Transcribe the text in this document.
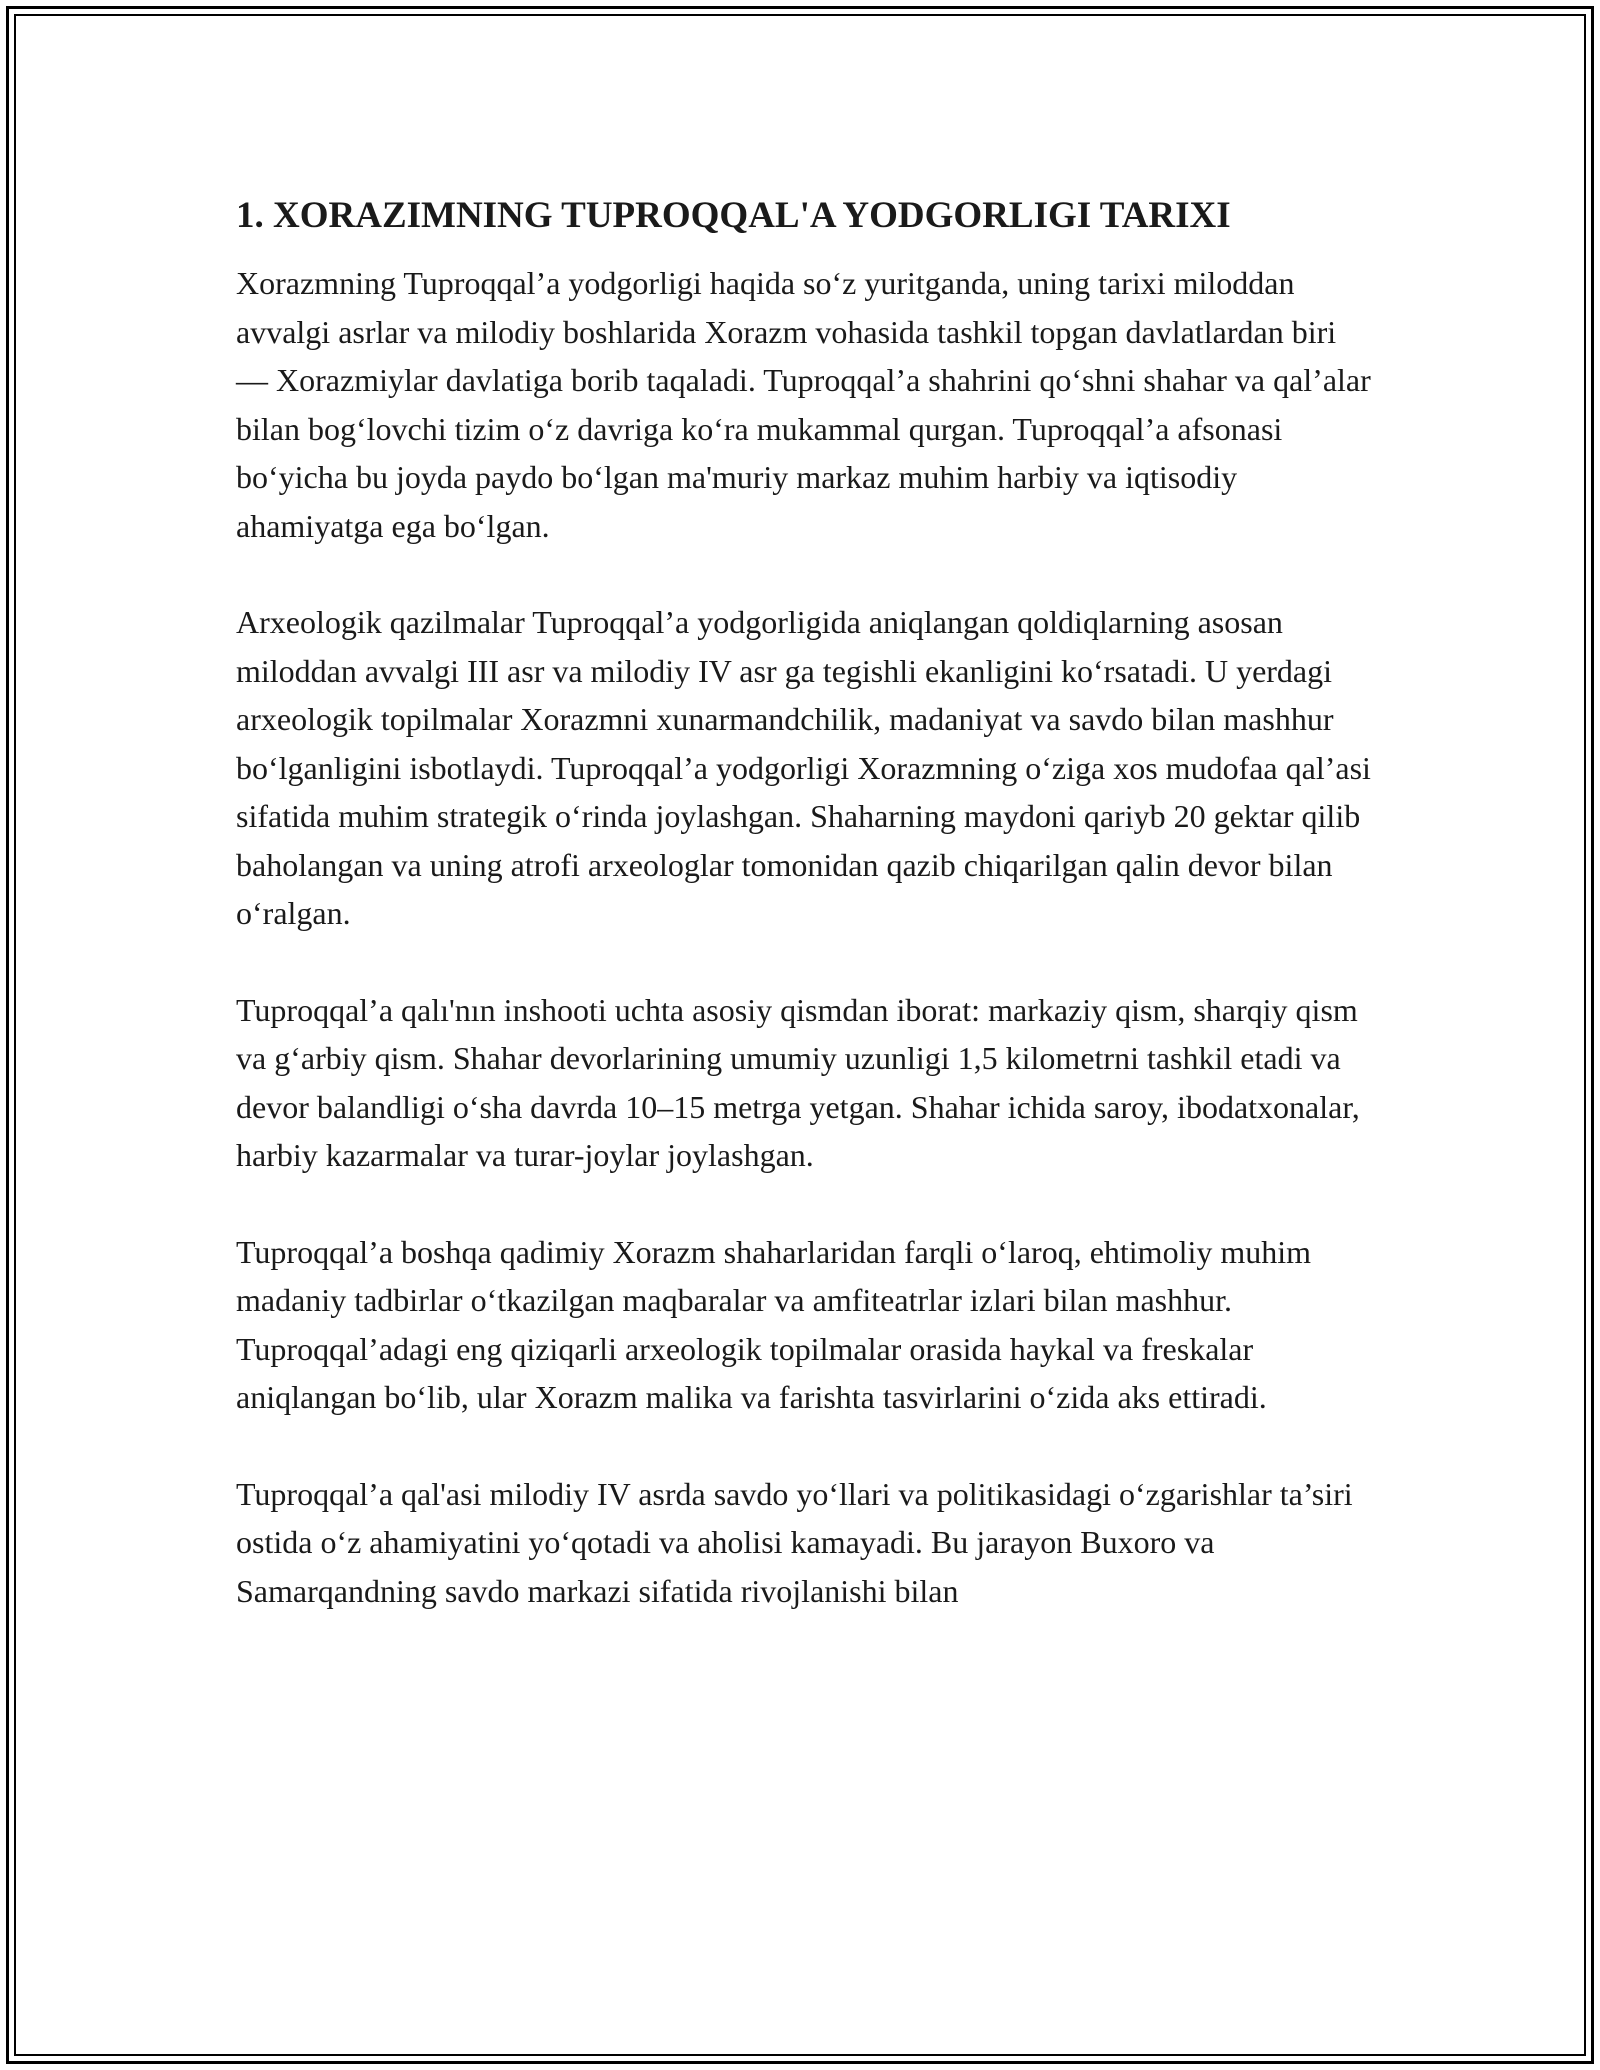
1. XORAZIMNING TUPROQQAL'A YODGORLIGI TARIXI

Xorazmning Tuproqqal’a yodgorligi haqida so‘z yuritganda, uning tarixi miloddan avvalgi asrlar va milodiy boshlarida Xorazm vohasida tashkil topgan davlatlardan biri — Xorazmiylar davlatiga borib taqaladi. Tuproqqal’a shahrini qo‘shni shahar va qal’alar bilan bog‘lovchi tizim o‘z davriga ko‘ra mukammal qurgan. Tuproqqal’a afsonasi bo‘yicha bu joyda paydo bo‘lgan ma'muriy markaz muhim harbiy va iqtisodiy ahamiyatga ega bo‘lgan.

Arxeologik qazilmalar Tuproqqal’a yodgorligida aniqlangan qoldiqlarning asosan miloddan avvalgi III asr va milodiy IV asr ga tegishli ekanligini ko‘rsatadi. U yerdagi arxeologik topilmalar Xorazmni xunarmandchilik, madaniyat va savdo bilan mashhur bo‘lganligini isbotlaydi. Tuproqqal’a yodgorligi Xorazmning o‘ziga xos mudofaa qal’asi sifatida muhim strategik o‘rinda joylashgan. Shaharning maydoni qariyb 20 gektar qilib baholangan va uning atrofi arxeologlar tomonidan qazib chiqarilgan qalin devor bilan o‘ralgan.

Tuproqqal’a qalı'nın inshooti uchta asosiy qismdan iborat: markaziy qism, sharqiy qism va g‘arbiy qism. Shahar devorlarining umumiy uzunligi 1,5 kilometrni tashkil etadi va devor balandligi o‘sha davrda 10–15 metrga yetgan. Shahar ichida saroy, ibodatxonalar, harbiy kazarmalar va turar-joylar joylashgan.

Tuproqqal’a boshqa qadimiy Xorazm shaharlaridan farqli o‘laroq, ehtimoliy muhim madaniy tadbirlar o‘tkazilgan maqbaralar va amfiteatrlar izlari bilan mashhur. Tuproqqal’adagi eng qiziqarli arxeologik topilmalar orasida haykal va freskalar aniqlangan bo‘lib, ular Xorazm malika va farishta tasvirlarini o‘zida aks ettiradi.

Tuproqqal’a qal'asi milodiy IV asrda savdo yo‘llari va politikasidagi o‘zgarishlar ta’siri ostida o‘z ahamiyatini yo‘qotadi va aholisi kamayadi. Bu jarayon Buxoro va Samarqandning savdo markazi sifatida rivojlanishi bilan
